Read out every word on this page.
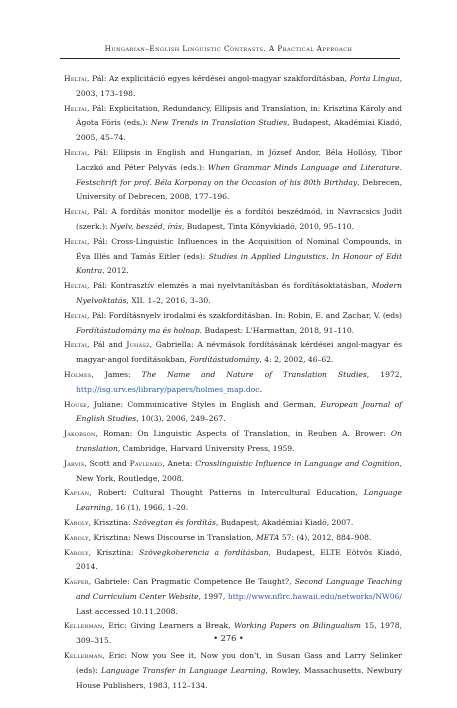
Hungarian–English Linguistic Contrasts. A Practical Approach

Heltai, Pál: Az explicitáció egyes kérdései angol-magyar szakfordításban, Porta Lingua, 2003, 173–198.

Heltai, Pál: Explicitation, Redundancy, Ellipsis and Translation, in: Krisztina Károly and Ágota Fóris (eds.): New Trends in Translation Studies, Budapest, Akadémiai Kiadó, 2005, 45–74.

Heltai, Pál: Ellipsis in English and Hungarian, in József Andor, Béla Hollósy, Tibor Laczkó and Péter Pelyvás (eds.): When Grammar Minds Language and Literature. Festschrift for prof. Béla Korponay on the Occasion of his 80th Birthday, Debrecen, University of Debrecen, 2008, 177–196.

Heltai, Pál: A fordítás monitor modellje és a fordítói beszédmód, in Navracsics Judit (szerk.): Nyelv, beszéd, írás, Budapest, Tinta Könyvkiadó, 2010, 95–110.

Heltai, Pál: Cross-Linguistic Influences in the Acquisition of Nominal Compounds, in Éva Illés and Tamás Eitler (eds): Studies in Applied Linguistics, In Honour of Edit Kontra, 2012.

Heltai, Pál: Kontrasztív elemzés a mai nyelvtanításban és fordításoktatásban, Modern Nyelvoktatás, XII. 1–2, 2016, 3–30.

Heltai, Pál: Fordításnyelv irodalmi és szakfordításban. In: Robin, E. and Zachar, V. (eds) Fordítástudomány ma és holnap. Budapest: L'Harmattan, 2018, 91–110.

Heltai, Pál and Juhász, Gabriella: A névmások fordításának kérdései angol-magyar és magyar-angol fordításokban, Fordítástudomány, 4: 2, 2002, 46–62.

Holmes, James: The Name and Nature of Translation Studies, 1972, http://isg.urv.es/library/papers/holmes_map.doc.

House, Juliane: Communicative Styles in English and German, European Journal of English Studies, 10(3), 2006, 249–267.

Jakobson, Roman: On Linguistic Aspects of Translation, in Reuben A. Brower: On translation, Cambridge, Harvard University Press, 1959.

Jarvis, Scott and Pavlenko, Aneta: Crosslinguistic Influence in Language and Cognition, New York, Routledge, 2008.

Kaplan, Robert: Cultural Thought Patterns in Intercultural Education, Language Learning, 16 (1), 1966, 1–20.

Károly, Krisztina: Szövegtan és fordítás, Budapest, Akadémiai Kiadó, 2007.

Károly, Krisztina: News Discourse in Translation, META 57: (4), 2012, 884–908.

Károly, Krisztina: Szövegkoherencia a fordításban, Budapest, ELTE Eötvös Kiadó, 2014.

Kasper, Gabriele: Can Pragmatic Competence Be Taught?, Second Language Teaching and Curriculum Center Website, 1997, http://www.nflrc.hawaii.edu/networks/NW06/ Last accessed 10.11.2008.

Kellerman, Eric: Giving Learners a Break, Working Papers on Bilingualism 15, 1978, 309–315.

Kellerman, Eric: Now you See it, Now you don't, in Susan Gass and Larry Selinker (eds): Language Transfer in Language Learning, Rowley, Massachusetts, Newbury House Publishers, 1983, 112–134.

• 276 •
